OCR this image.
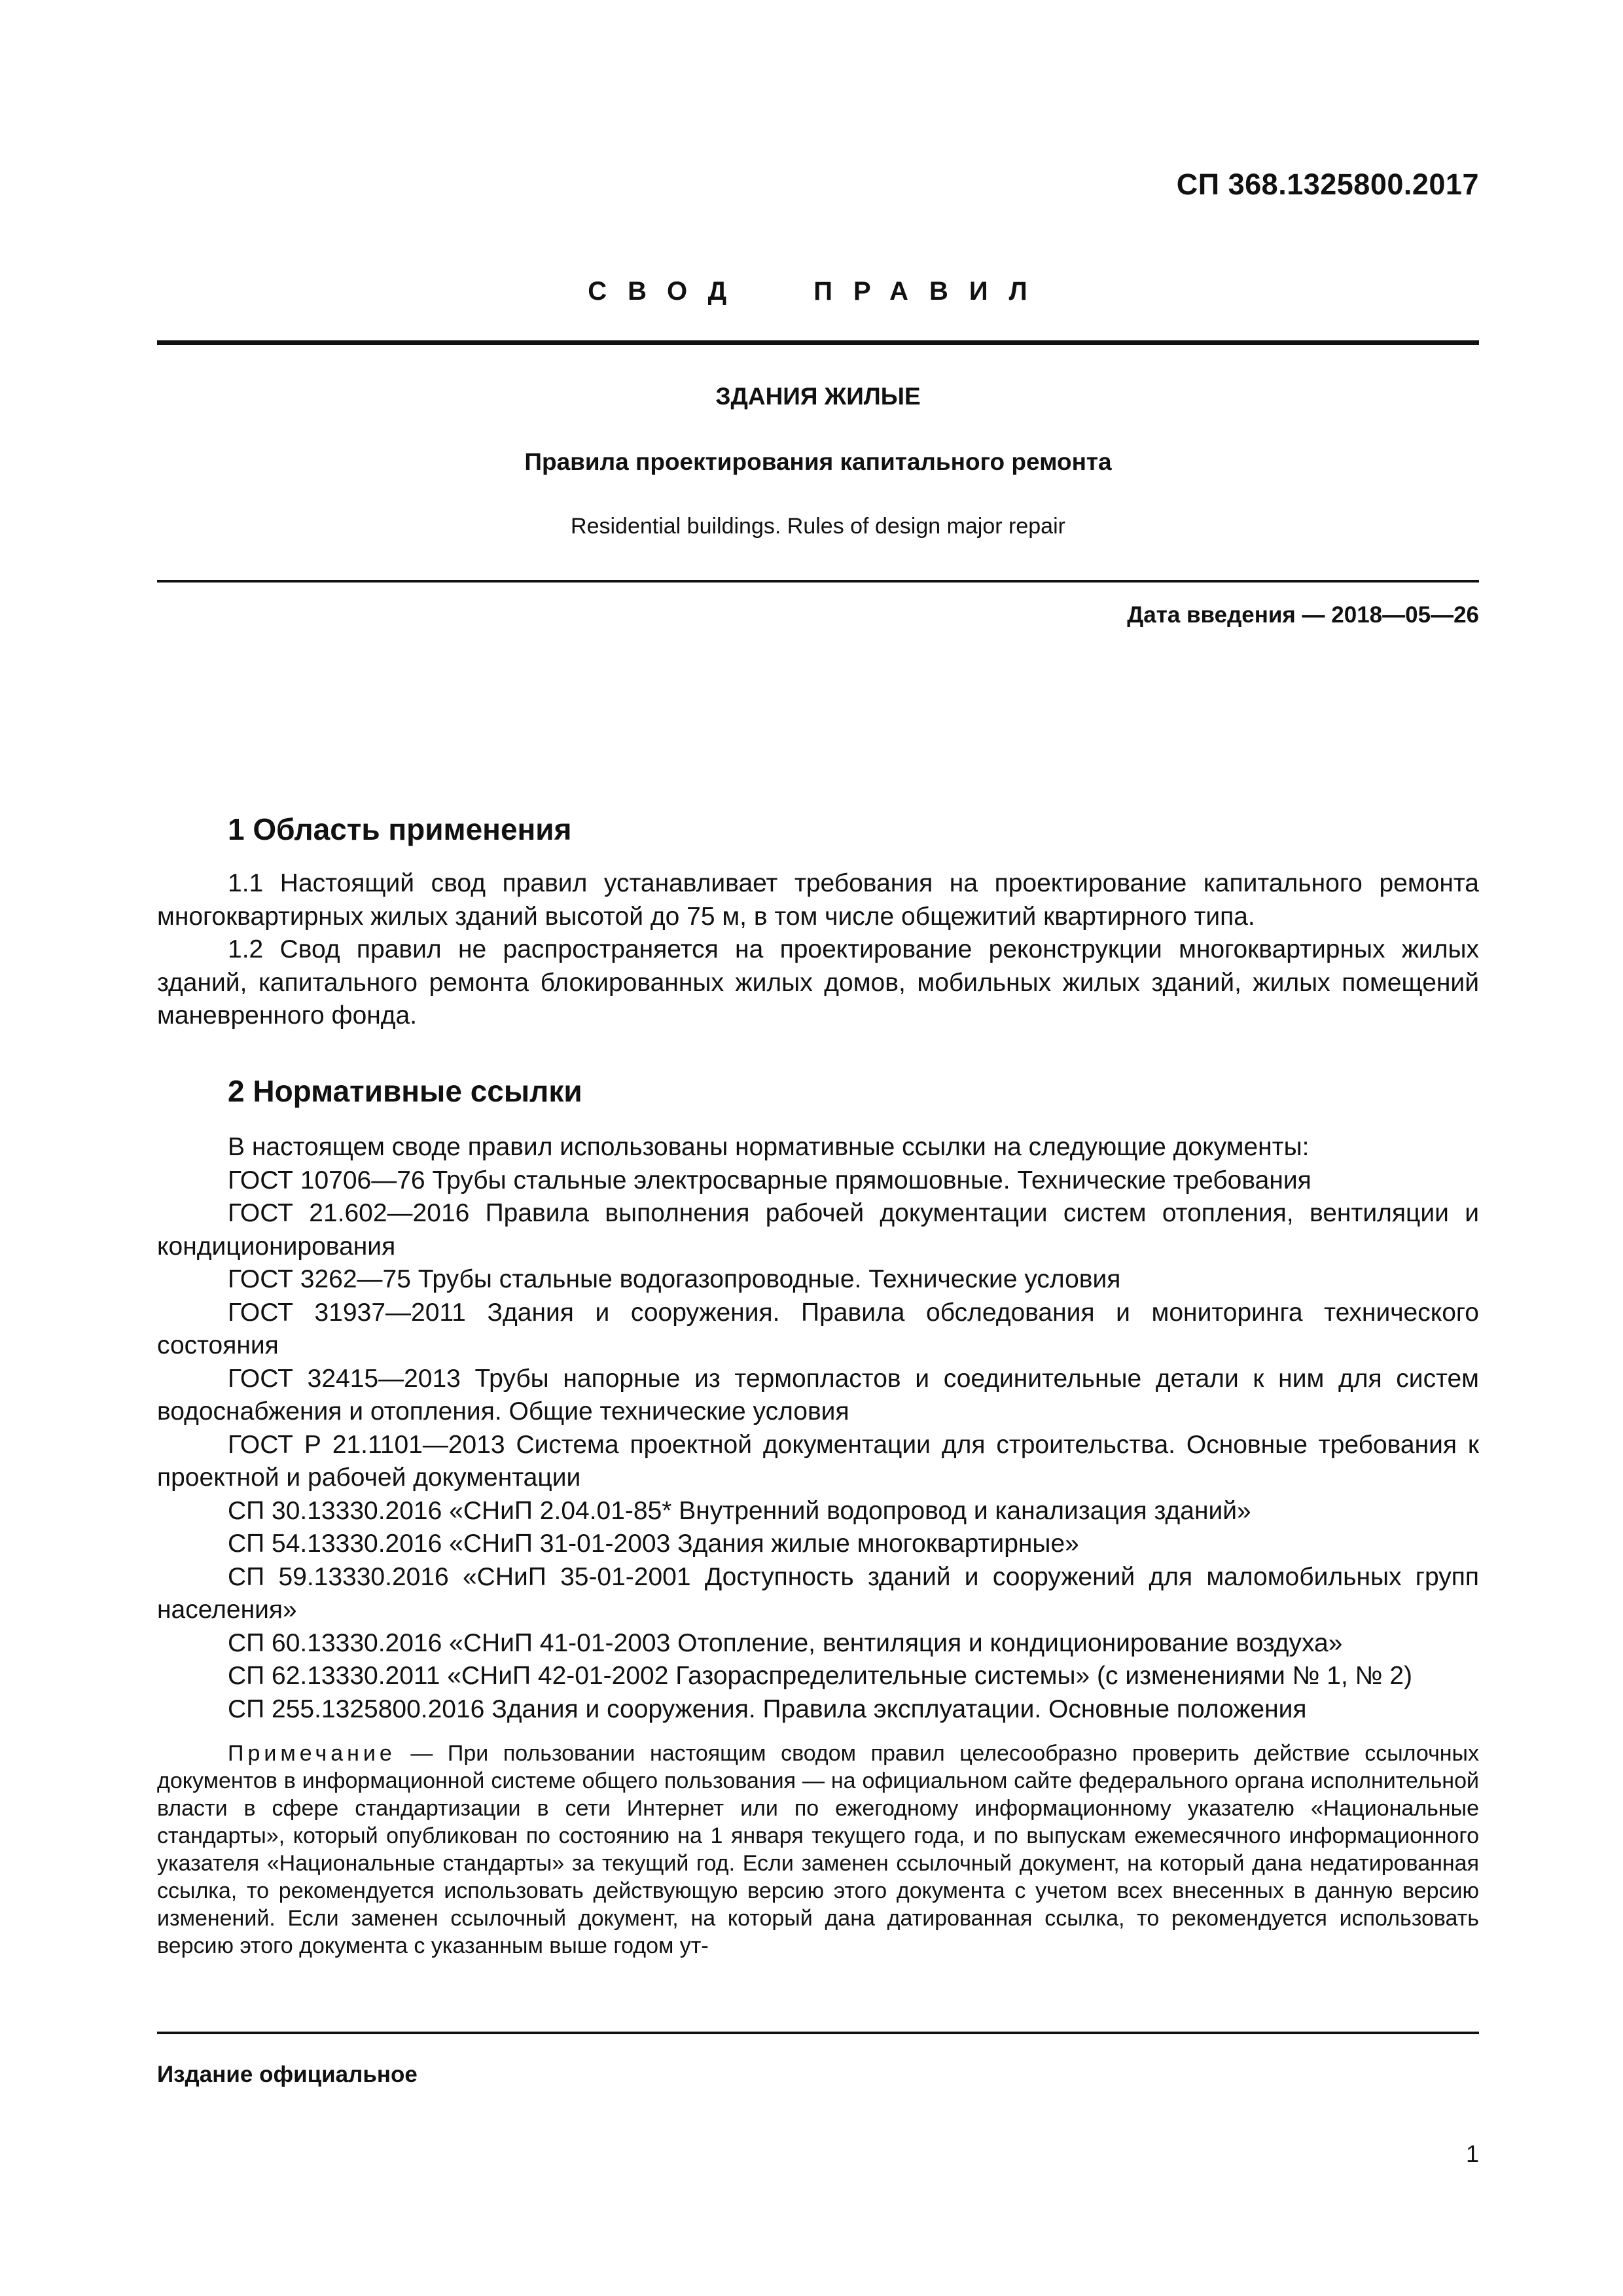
СП 368.1325800.2017
СВОД ПРАВИЛ
ЗДАНИЯ ЖИЛЫЕ
Правила проектирования капитального ремонта
Residential buildings. Rules of design major repair
Дата введения — 2018—05—26
1 Область применения

1.1 Настоящий свод правил устанавливает требования на проектирование капитального ремонта многоквартирных жилых зданий высотой до 75 м, в том числе общежитий квартирного типа.

1.2 Свод правил не распространяется на проектирование реконструкции многоквартирных жилых зданий, капитального ремонта блокированных жилых домов, мобильных жилых зданий, жилых помещений маневренного фонда.

2 Нормативные ссылки

В настоящем своде правил использованы нормативные ссылки на следующие документы:

ГОСТ 10706—76 Трубы стальные электросварные прямошовные. Технические требования

ГОСТ 21.602—2016 Правила выполнения рабочей документации систем отопления, вентиляции и кондиционирования

ГОСТ 3262—75 Трубы стальные водогазопроводные. Технические условия

ГОСТ 31937—2011 Здания и сооружения. Правила обследования и мониторинга технического состояния

ГОСТ 32415—2013 Трубы напорные из термопластов и соединительные детали к ним для систем водоснабжения и отопления. Общие технические условия

ГОСТ Р 21.1101—2013 Система проектной документации для строительства. Основные требования к проектной и рабочей документации

СП 30.13330.2016 «СНиП 2.04.01-85* Внутренний водопровод и канализация зданий»

СП 54.13330.2016 «СНиП 31-01-2003 Здания жилые многоквартирные»

СП 59.13330.2016 «СНиП 35-01-2001 Доступность зданий и сооружений для маломобильных групп населения»

СП 60.13330.2016 «СНиП 41-01-2003 Отопление, вентиляция и кондиционирование воздуха»

СП 62.13330.2011 «СНиП 42-01-2002 Газораспределительные системы» (с изменениями № 1, № 2)

СП 255.1325800.2016 Здания и сооружения. Правила эксплуатации. Основные положения

Примечание — При пользовании настоящим сводом правил целесообразно проверить действие ссылочных документов в информационной системе общего пользования — на официальном сайте федерального органа исполнительной власти в сфере стандартизации в сети Интернет или по ежегодному информационному указателю «Национальные стандарты», который опубликован по состоянию на 1 января текущего года, и по выпускам ежемесячного информационного указателя «Национальные стандарты» за текущий год. Если заменен ссылочный документ, на который дана недатированная ссылка, то рекомендуется использовать действующую версию этого документа с учетом всех внесенных в данную версию изменений. Если заменен ссылочный документ, на который дана датированная ссылка, то рекомендуется использовать версию этого документа с указанным выше годом ут-
Издание официальное
1
